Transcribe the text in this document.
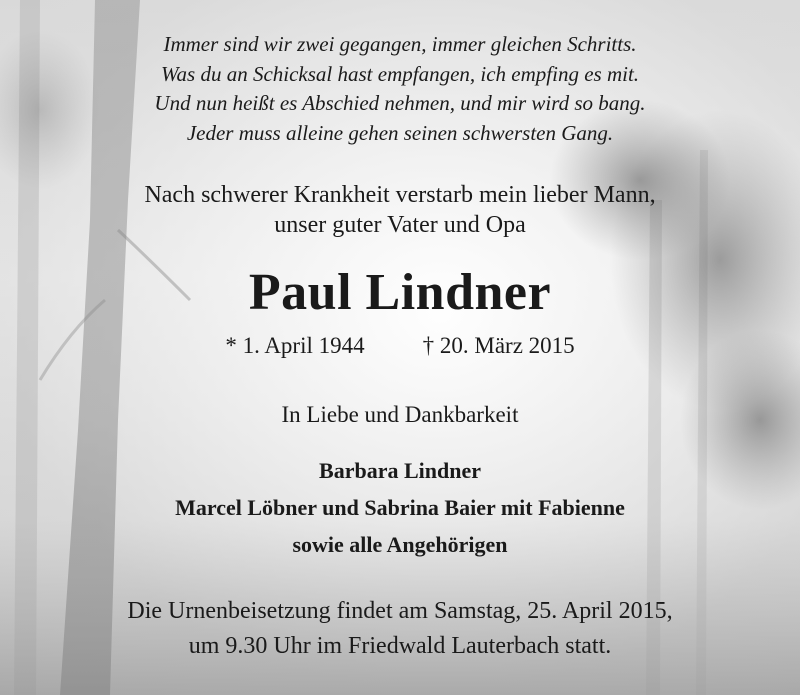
Immer sind wir zwei gegangen, immer gleichen Schritts.
Was du an Schicksal hast empfangen, ich empfing es mit.
Und nun heißt es Abschied nehmen, und mir wird so bang.
Jeder muss alleine gehen seinen schwersten Gang.
Nach schwerer Krankheit verstarb mein lieber Mann,
unser guter Vater und Opa
Paul Lindner
* 1. April 1944	† 20. März 2015
In Liebe und Dankbarkeit
Barbara Lindner
Marcel Löbner und Sabrina Baier mit Fabienne
sowie alle Angehörigen
Die Urnenbeisetzung findet am Samstag, 25. April 2015,
um 9.30 Uhr im Friedwald Lauterbach statt.
